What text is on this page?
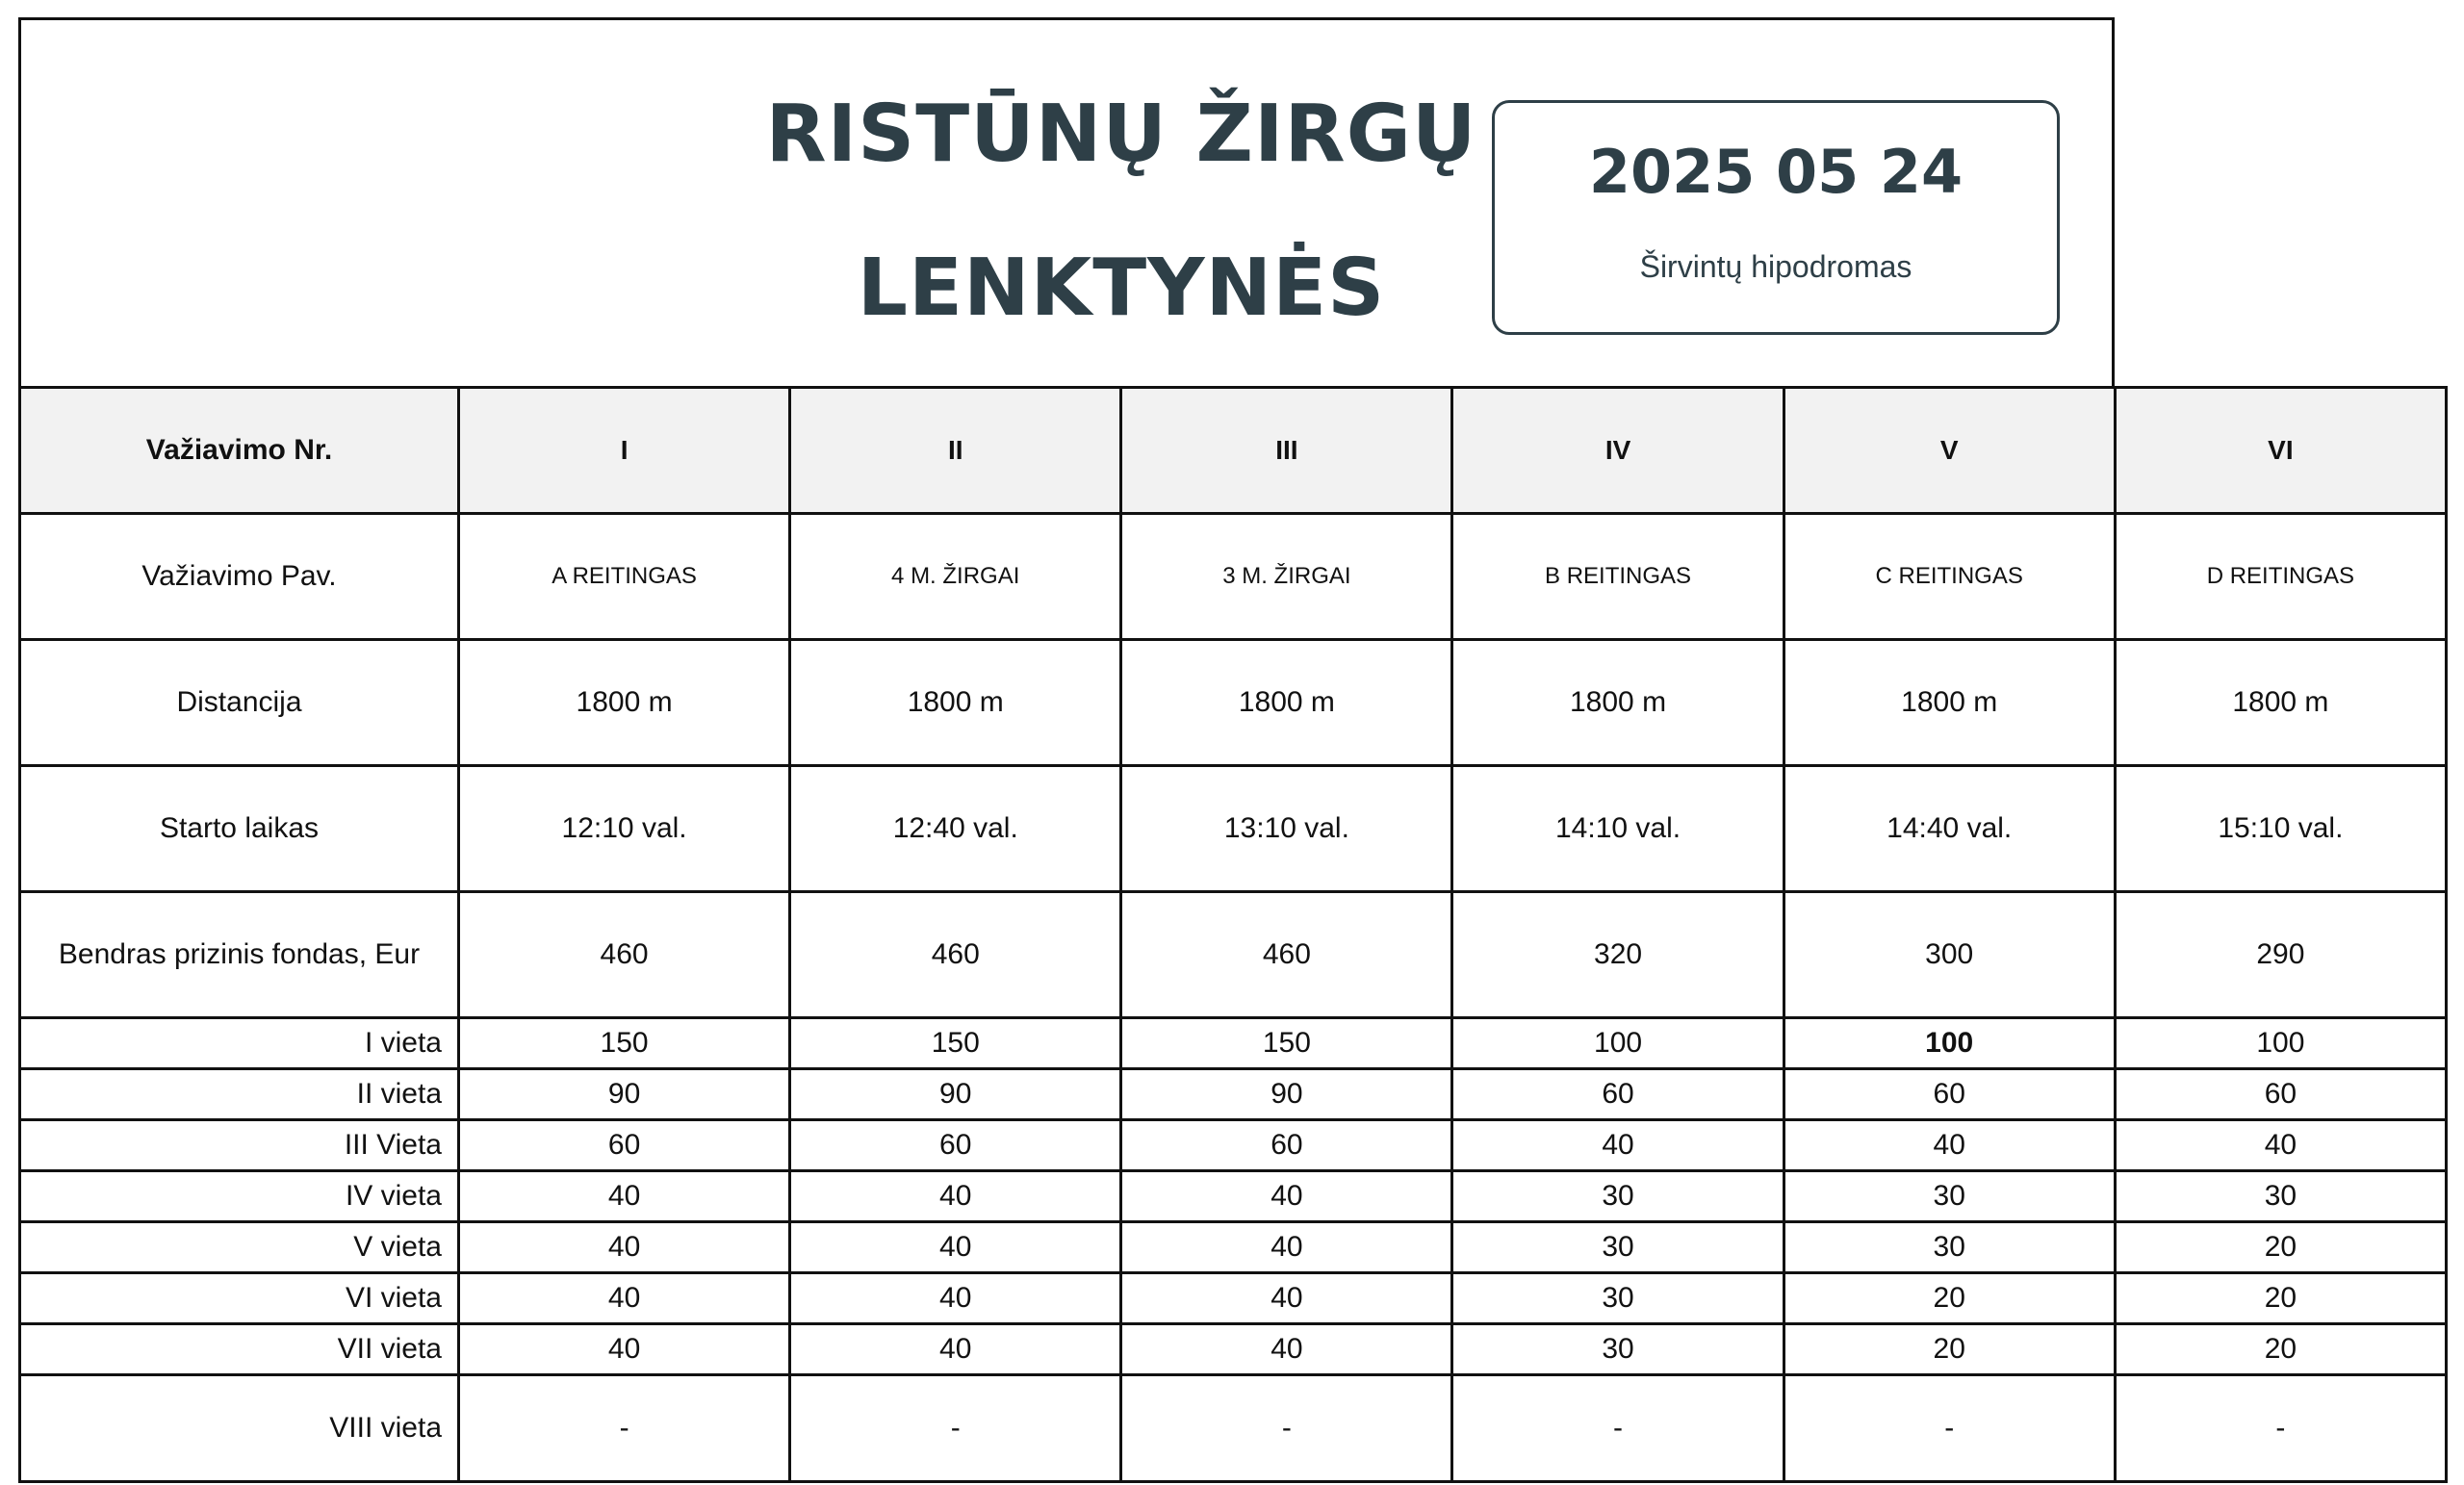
RISTŪNŲ ŽIRGŲ
LENKTYNĖS
2025 05 24
Širvintų hipodromas
Važiavimo Nr.	I	II	III	IV	V	VI
Važiavimo Pav.	A REITINGAS	4 M. ŽIRGAI	3 M. ŽIRGAI	B REITINGAS	C REITINGAS	D REITINGAS
Distancija	1800 m	1800 m	1800 m	1800 m	1800 m	1800 m
Starto laikas	12:10 val.	12:40 val.	13:10 val.	14:10 val.	14:40 val.	15:10 val.
Bendras prizinis fondas, Eur	460	460	460	320	300	290
I vieta	150	150	150	100	100	100
II vieta	90	90	90	60	60	60
III Vieta	60	60	60	40	40	40
IV vieta	40	40	40	30	30	30
V vieta	40	40	40	30	30	20
VI vieta	40	40	40	30	20	20
VII vieta	40	40	40	30	20	20
VIII vieta	-	-	-	-	-	-
